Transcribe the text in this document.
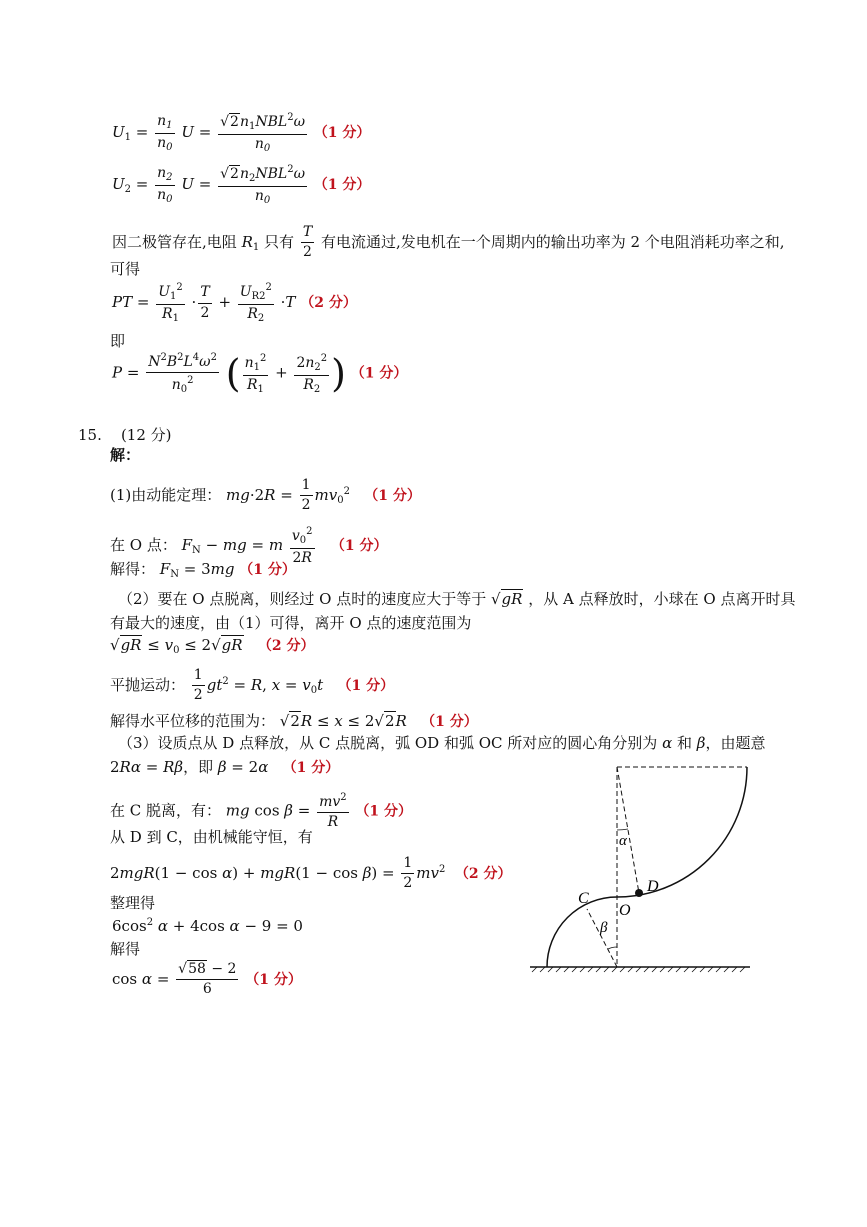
$U_1 = \frac{n_1}{n_0}$ $U = \frac{√2n_1NBL^2\omega}{n_0} (1$ 分）
$U_2 = \frac{n_2}{n_0}$ $U = \frac{√2n_2NBL^2\omega}{n_0} (1$ 分）
因二极管存在,电阻 $R_1$ 只有 $\frac{T}{2}$ 有电流通过,发电机在一个周期内的输出功率为 2 个电阻消耗功率之和,
可得
PT = $\frac{U_1^2}{R_1} \cdot \frac{T}{2} + \frac{U_{R2}^2}{R_2} \cdot T$ （2 分）
即
$P = \frac{N^2B^2L^4\omega^2}{n_0^2}$ ( $\frac{n_1^2}{R_1} + \frac{2n_2^2}{R_2}$ ) （1 分）
15. (12 分)
解：
(1)由动能定理： $mg\cdot 2R = \frac{1}{2} mv_0^2$ （1 分）
在 O 点： $F_N$ − mg = m $\frac{v_0^2}{2R} (1$ 分）
解得： $F_N = 3mg$ （1 分）
（2）要在 O 点脱离，则经过 O 点时的速度应大于等于 √gR ，从 A 点释放时，小球在 O 点离开时具
有最大的速度，由（1）可得，离开 O 点的速度范围为
$√gR \le v_0 \le 2√gR$ （2 分）
平抛运动： $\frac{1}{2} gt^2 = R$, $x = v_0t$ （1 分）
解得水平位移的范围为： √2R ≤ x ≤ 2√2R （1 分）
（3）设质点从 D 点释放，从 C 点脱离，弧 OD 和弧 OC 所对应的圆心角分别为 α 和 β，由题意
2Rα = Rβ，即 β = 2α （1 分）
在 C 脱离，有： mg $\cos \beta = \frac{mv^2}{R} (1$ 分）
从 D 到 C，由机械能守恒，有
$2mgR(1 - \cos \alpha) + mgR(1 - \cos \beta) = \frac{1}{2} mv^2$ （2 分）
整理得
$6\cos^2$ α + 4cos α − 9 = 0
解得
$\cos \alpha = \frac{√58 - 2}{6} (1$ 分）
C
D
O
α
β
